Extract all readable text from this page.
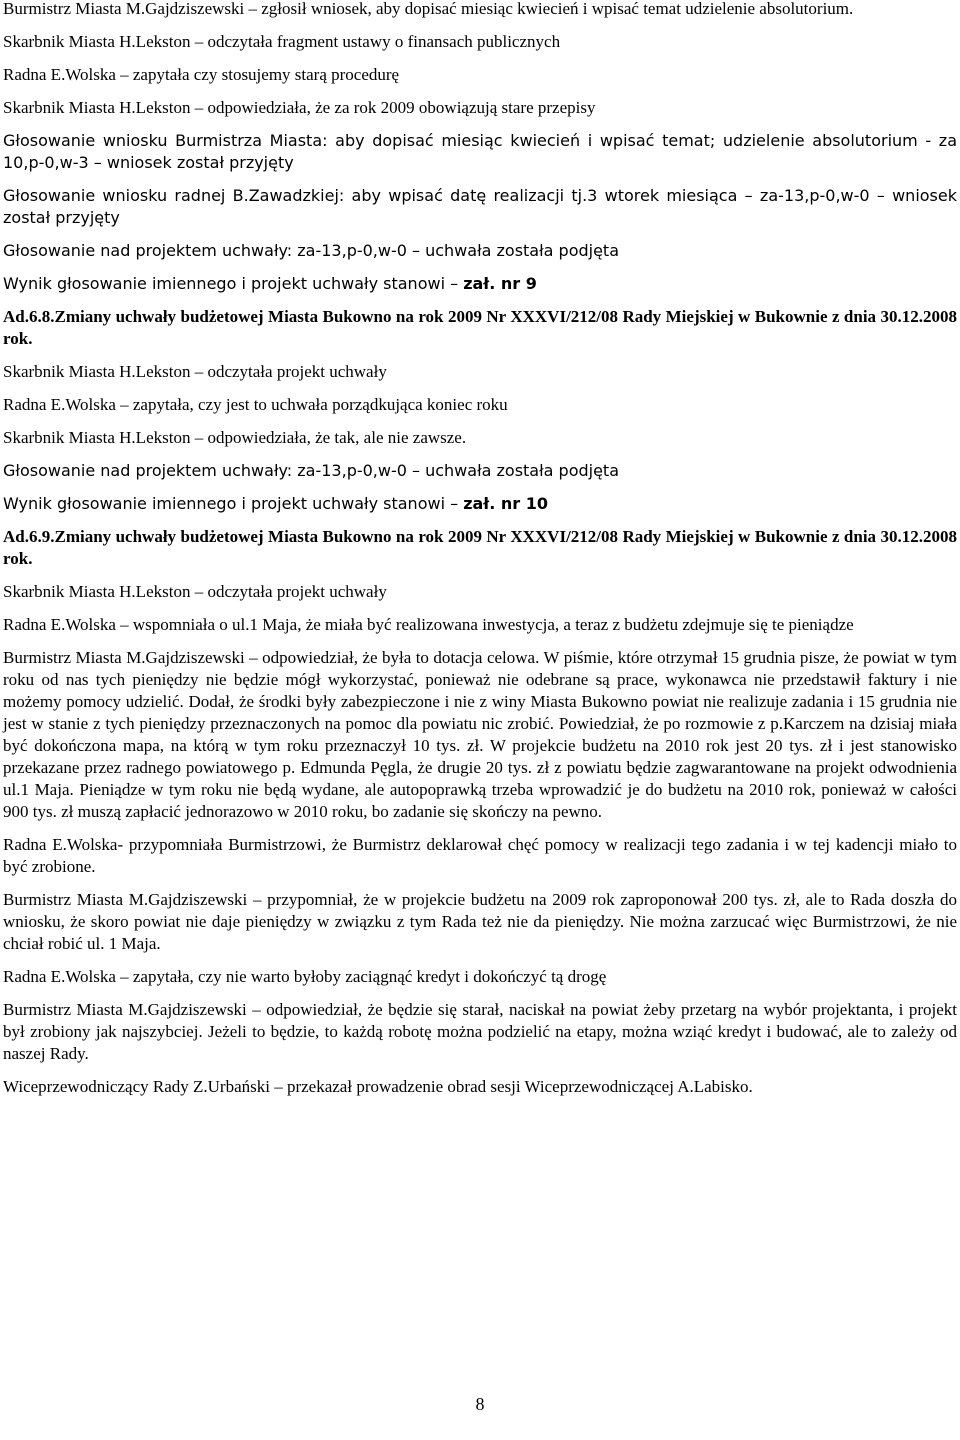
Burmistrz Miasta M.Gajdziszewski – zgłosił wniosek, aby dopisać miesiąc kwiecień i wpisać temat udzielenie absolutorium.

Skarbnik Miasta H.Lekston – odczytała fragment ustawy o finansach publicznych

Radna E.Wolska – zapytała czy stosujemy starą procedurę

Skarbnik Miasta H.Lekston – odpowiedziała, że za rok 2009 obowiązują stare przepisy

Głosowanie wniosku Burmistrza Miasta: aby dopisać miesiąc kwiecień i wpisać temat; udzielenie absolutorium - za 10,p-0,w-3 – wniosek został przyjęty

Głosowanie wniosku radnej B.Zawadzkiej: aby wpisać datę realizacji tj.3 wtorek miesiąca – za-13,p-0,w-0 – wniosek został przyjęty

Głosowanie nad projektem uchwały: za-13,p-0,w-0 – uchwała została podjęta

Wynik głosowanie imiennego i projekt uchwały stanowi – zał. nr 9

Ad.6.8.Zmiany uchwały budżetowej Miasta Bukowno na rok 2009 Nr XXXVI/212/08 Rady Miejskiej w Bukownie z dnia 30.12.2008 rok.

Skarbnik Miasta H.Lekston – odczytała projekt uchwały

Radna E.Wolska – zapytała, czy jest to uchwała porządkująca koniec roku

Skarbnik Miasta H.Lekston – odpowiedziała, że tak, ale nie zawsze.

Głosowanie nad projektem uchwały: za-13,p-0,w-0 – uchwała została podjęta

Wynik głosowanie imiennego i projekt uchwały stanowi – zał. nr 10

Ad.6.9.Zmiany uchwały budżetowej Miasta Bukowno na rok 2009 Nr XXXVI/212/08 Rady Miejskiej w Bukownie z dnia 30.12.2008 rok.

Skarbnik Miasta H.Lekston – odczytała projekt uchwały

Radna E.Wolska – wspomniała o ul.1 Maja, że miała być realizowana inwestycja, a teraz z budżetu zdejmuje się te pieniądze

Burmistrz Miasta M.Gajdziszewski – odpowiedział, że była to dotacja celowa. W piśmie, które otrzymał 15 grudnia pisze, że powiat w tym roku od nas tych pieniędzy nie będzie mógł wykorzystać, ponieważ nie odebrane są prace, wykonawca nie przedstawił faktury i nie możemy pomocy udzielić. Dodał, że środki były zabezpieczone i nie z winy Miasta Bukowno powiat nie realizuje zadania i 15 grudnia nie jest w stanie z tych pieniędzy przeznaczonych na pomoc dla powiatu nic zrobić. Powiedział, że po rozmowie z p.Karczem na dzisiaj miała być dokończona mapa, na którą w tym roku przeznaczył 10 tys. zł. W projekcie budżetu na 2010 rok jest 20 tys. zł i jest stanowisko przekazane przez radnego powiatowego p. Edmunda Pęgla, że drugie 20 tys. zł z powiatu będzie zagwarantowane na projekt odwodnienia ul.1 Maja. Pieniądze w tym roku nie będą wydane, ale autopoprawką trzeba wprowadzić je do budżetu na 2010 rok, ponieważ w całości 900 tys. zł muszą zapłacić jednorazowo w 2010 roku, bo zadanie się skończy na pewno.

Radna E.Wolska- przypomniała Burmistrzowi, że Burmistrz deklarował chęć pomocy w realizacji tego zadania i w tej kadencji miało to być zrobione.

Burmistrz Miasta M.Gajdziszewski – przypomniał, że w projekcie budżetu na 2009 rok zaproponował 200 tys. zł, ale to Rada doszła do wniosku, że skoro powiat nie daje pieniędzy w związku z tym Rada też nie da pieniędzy. Nie można zarzucać więc Burmistrzowi, że nie chciał robić ul. 1 Maja.

Radna E.Wolska – zapytała, czy nie warto byłoby zaciągnąć kredyt i dokończyć tą drogę

Burmistrz Miasta M.Gajdziszewski – odpowiedział, że będzie się starał, naciskał na powiat żeby przetarg na wybór projektanta, i projekt był zrobiony jak najszybciej. Jeżeli to będzie, to każdą robotę można podzielić na etapy, można wziąć kredyt i budować, ale to zależy od naszej Rady.

Wiceprzewodniczący Rady Z.Urbański – przekazał prowadzenie obrad sesji Wiceprzewodniczącej A.Labisko.

8
